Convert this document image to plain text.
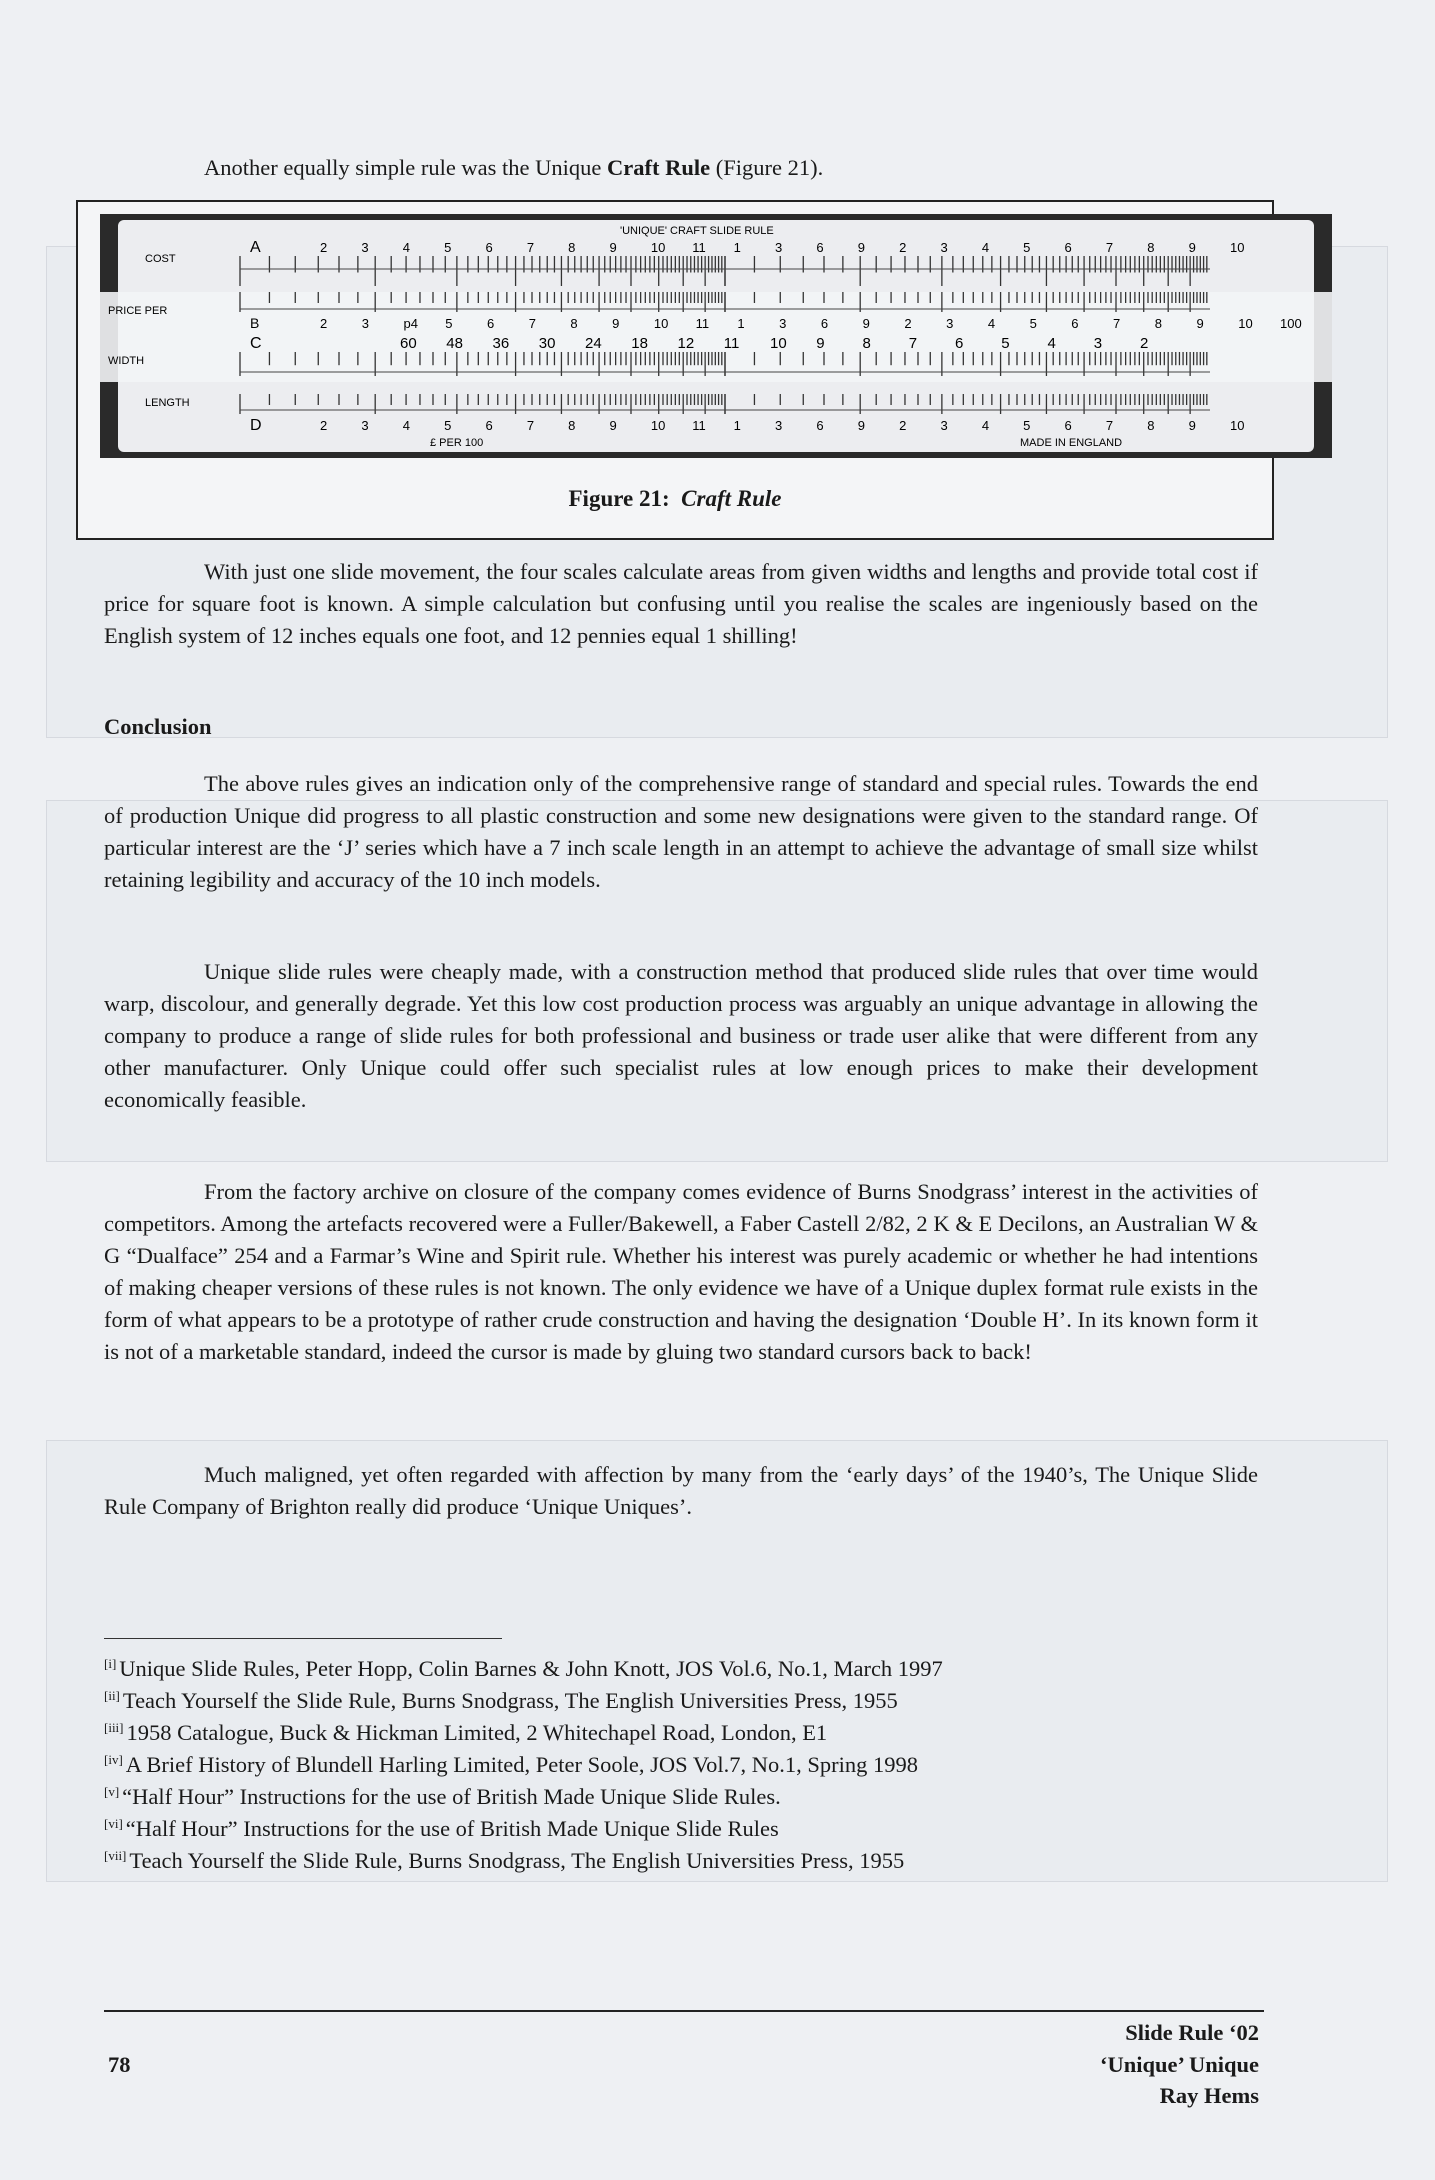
Another equally simple rule was the Unique Craft Rule (Figure 21).
'UNIQUE' CRAFT SLIDE RULE
COST
PRICE PER
WIDTH
LENGTH
A
B
C
D
2	3	4	5	6	7	8	9	10 11 1	3	6	9	2	3	4	5	6	7	8	9	10
2	3	p4 5	6	7	8	9	10 11 1	3	6	9	2	3	4	5	6	7	8	9	10 100
60 48 36 30 24 18 12 11 10 9	8	7	6	5	4	3	2
2	3	4	5	6	7	8	9	10 11 1	3	6	9	2	3	4	5	6	7	8	9	10
£ PER 100	MADE IN ENGLAND
Figure 21: Craft Rule
With just one slide movement, the four scales calculate areas from given widths and lengths and provide total cost if price for square foot is known. A simple calculation but confusing until you realise the scales are ingeniously based on the English system of 12 inches equals one foot, and 12 pennies equal 1 shilling!
Conclusion
The above rules gives an indication only of the comprehensive range of standard and special rules. Towards the end of production Unique did progress to all plastic construction and some new designations were given to the standard range. Of particular interest are the ‘J’ series which have a 7 inch scale length in an attempt to achieve the advantage of small size whilst retaining legibility and accuracy of the 10 inch models.
Unique slide rules were cheaply made, with a construction method that produced slide rules that over time would warp, discolour, and generally degrade. Yet this low cost production process was arguably an unique advantage in allowing the company to produce a range of slide rules for both professional and business or trade user alike that were different from any other manufacturer. Only Unique could offer such specialist rules at low enough prices to make their development economically feasible.
From the factory archive on closure of the company comes evidence of Burns Snodgrass’ interest in the activities of competitors. Among the artefacts recovered were a Fuller/Bakewell, a Faber Castell 2/82, 2 K & E Decilons, an Australian W & G “Dualface” 254 and a Farmar’s Wine and Spirit rule. Whether his interest was purely academic or whether he had intentions of making cheaper versions of these rules is not known. The only evidence we have of a Unique duplex format rule exists in the form of what appears to be a prototype of rather crude construction and having the designation ‘Double H’. In its known form it is not of a marketable standard, indeed the cursor is made by gluing two standard cursors back to back!
Much maligned, yet often regarded with affection by many from the ‘early days’ of the 1940’s, The Unique Slide Rule Company of Brighton really did produce ‘Unique Uniques’.
[i] Unique Slide Rules, Peter Hopp, Colin Barnes & John Knott, JOS Vol.6, No.1, March 1997
[ii] Teach Yourself the Slide Rule, Burns Snodgrass, The English Universities Press, 1955
[iii] 1958 Catalogue, Buck & Hickman Limited, 2 Whitechapel Road, London, E1
[iv] A Brief History of Blundell Harling Limited, Peter Soole, JOS Vol.7, No.1, Spring 1998
[v] “Half Hour” Instructions for the use of British Made Unique Slide Rules.
[vi] “Half Hour” Instructions for the use of British Made Unique Slide Rules
[vii] Teach Yourself the Slide Rule, Burns Snodgrass, The English Universities Press, 1955
78
Slide Rule ‘02
‘Unique’ Unique
Ray Hems
